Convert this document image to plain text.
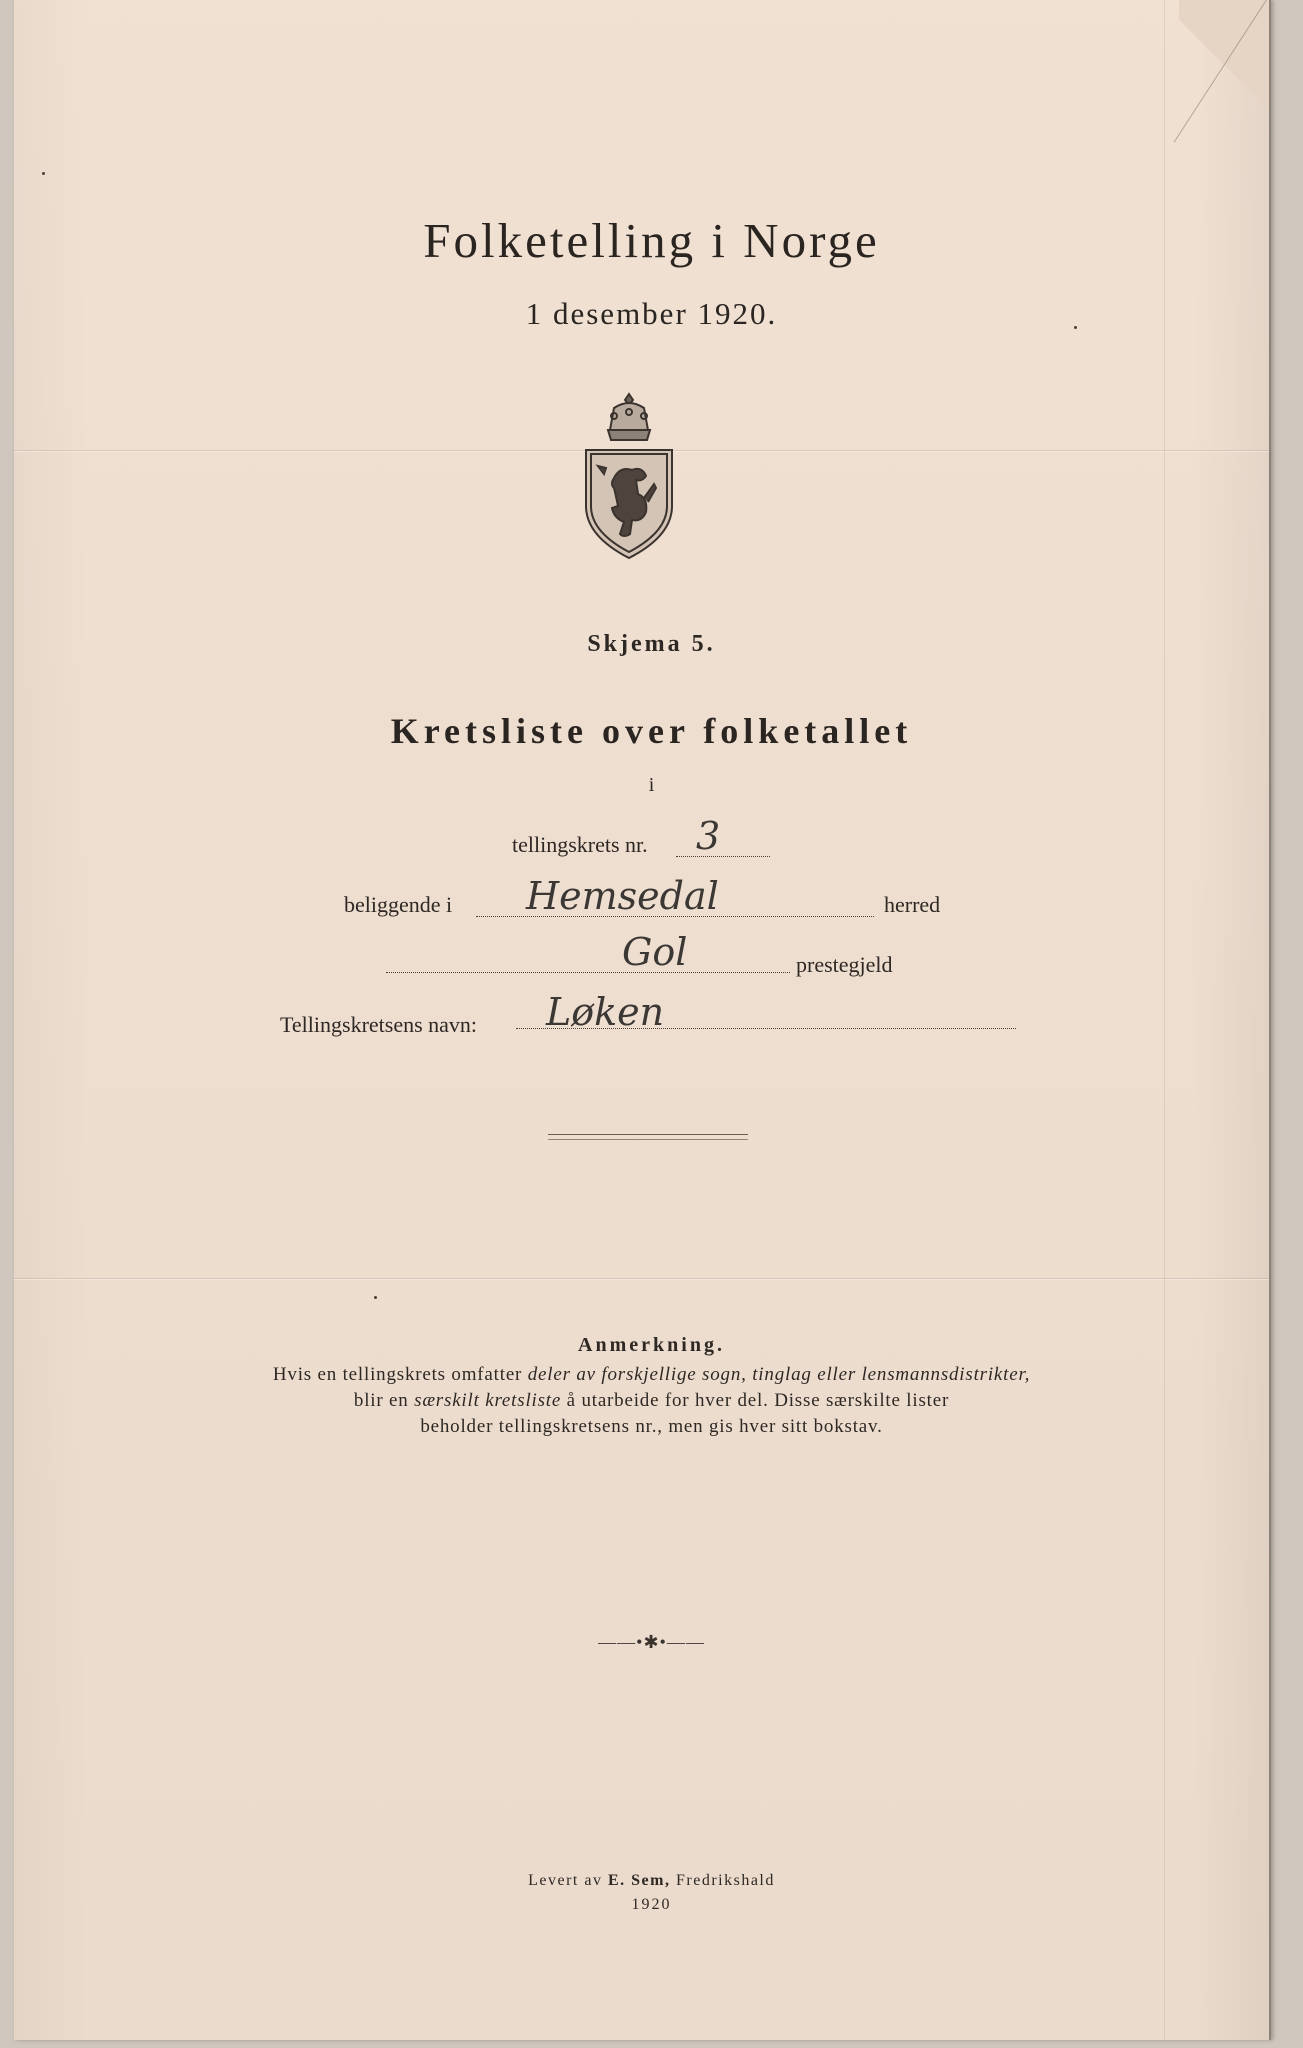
Folketelling i Norge
1 desember 1920.
Skjema 5.
Kretsliste over folketallet
i
tellingskrets nr. 3
beliggende i Hemsedal	herred
Gol	prestegjeld
Tellingskretsens navn: Løken
Anmerkning.
Hvis en tellingskrets omfatter deler av forskjellige sogn, tinglag eller lensmannsdistrikter,
blir en særskilt kretsliste å utarbeide for hver del. Disse særskilte lister
beholder tellingskretsens nr., men gis hver sitt bokstav.
——•✱•——
Levert av E. Sem, Fredrikshald
1920
